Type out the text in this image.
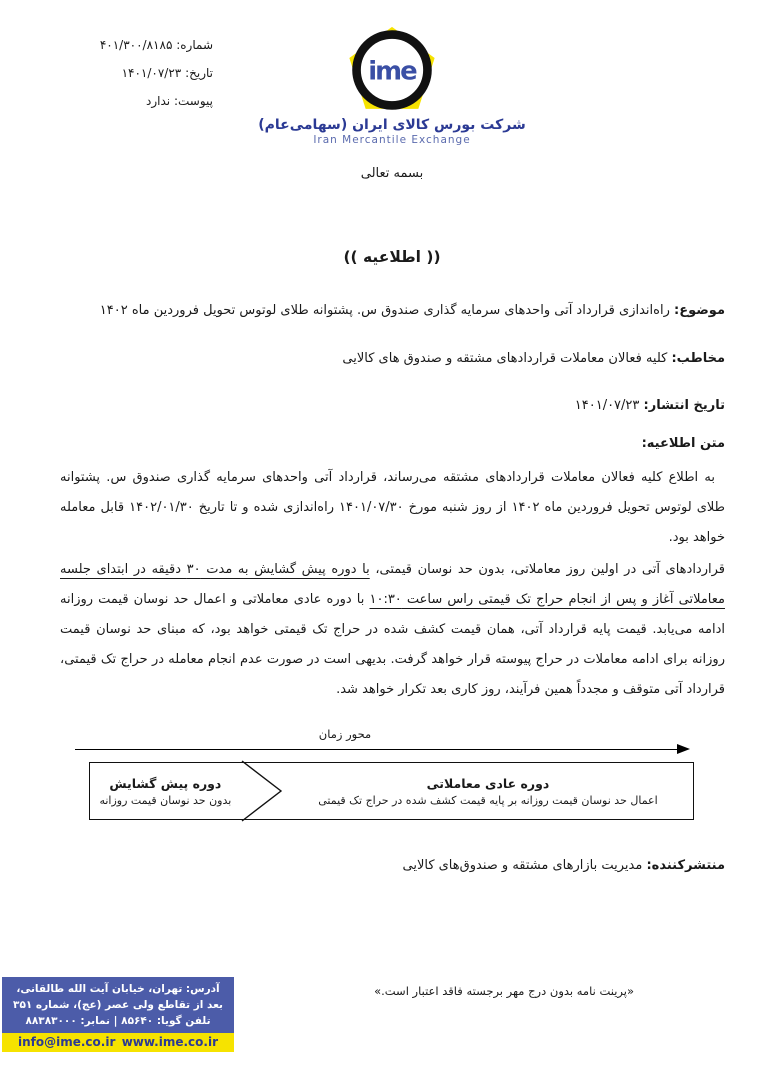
شماره: ۴۰۱/۳۰۰/۸۱۸۵
تاریخ: ۱۴۰۱/۰۷/۲۳
پیوست: ندارد
ime
شرکت بورس کالای ایران (سهامی‌عام)
Iran Mercantile Exchange
بسمه تعالی
(( اطلاعیه ))
موضوع: راه‌اندازی قرارداد آتی واحدهای سرمایه گذاری صندوق س. پشتوانه طلای لوتوس تحویل فروردین ماه ۱۴۰۲
مخاطب: کلیه فعالان معاملات قراردادهای مشتقه و صندوق های کالایی
تاریخ انتشار: ۱۴۰۱/۰۷/۲۳
متن اطلاعیه:
به اطلاع کلیه فعالان معاملات قراردادهای مشتقه می‌رساند، قرارداد آتی واحدهای سرمایه گذاری صندوق س. پشتوانه طلای لوتوس تحویل فروردین ماه ۱۴۰۲ از روز شنبه مورخ ۱۴۰۱/۰۷/۳۰ راه‌اندازی شده و تا تاریخ ۱۴۰۲/۰۱/۳۰ قابل معامله خواهد بود.
قراردادهای آتی در اولین روز معاملاتی، بدون حد نوسان قیمتی، با دوره پیش گشایش به مدت ۳۰ دقیقه در ابتدای جلسه معاملاتی آغاز و پس از انجام حراج تک قیمتی راس ساعت ۱۰:۳۰ با دوره عادی معاملاتی و اعمال حد نوسان قیمت روزانه ادامه می‌یابد. قیمت پایه قرارداد آتی، همان قیمت کشف شده در حراج تک قیمتی خواهد بود، که مبنای حد نوسان قیمت روزانه برای ادامه معاملات در حراج پیوسته قرار خواهد گرفت. بدیهی است در صورت عدم انجام معامله در حراج تک قیمتی، قرارداد آتی متوقف و مجدداً همین فرآیند، روز کاری بعد تکرار خواهد شد.
محور زمان
دوره پیش گشایش
بدون حد نوسان قیمت روزانه
دوره عادی معاملاتی
اعمال حد نوسان قیمت روزانه بر پایه قیمت کشف شده در حراج تک قیمتی
منتشرکننده: مدیریت بازارهای مشتقه و صندوق‌های کالایی
«پرینت نامه بدون درج مهر برجسته فاقد اعتبار است.»
آدرس: تهران، خیابان آیت الله طالقانی،
بعد از تقاطع ولی عصر (عج)، شماره ۳۵۱
تلفن گویا: ۸۵۶۴۰ | نمابر: ۸۸۳۸۳۰۰۰
info@ime.co.ir www.ime.co.ir
